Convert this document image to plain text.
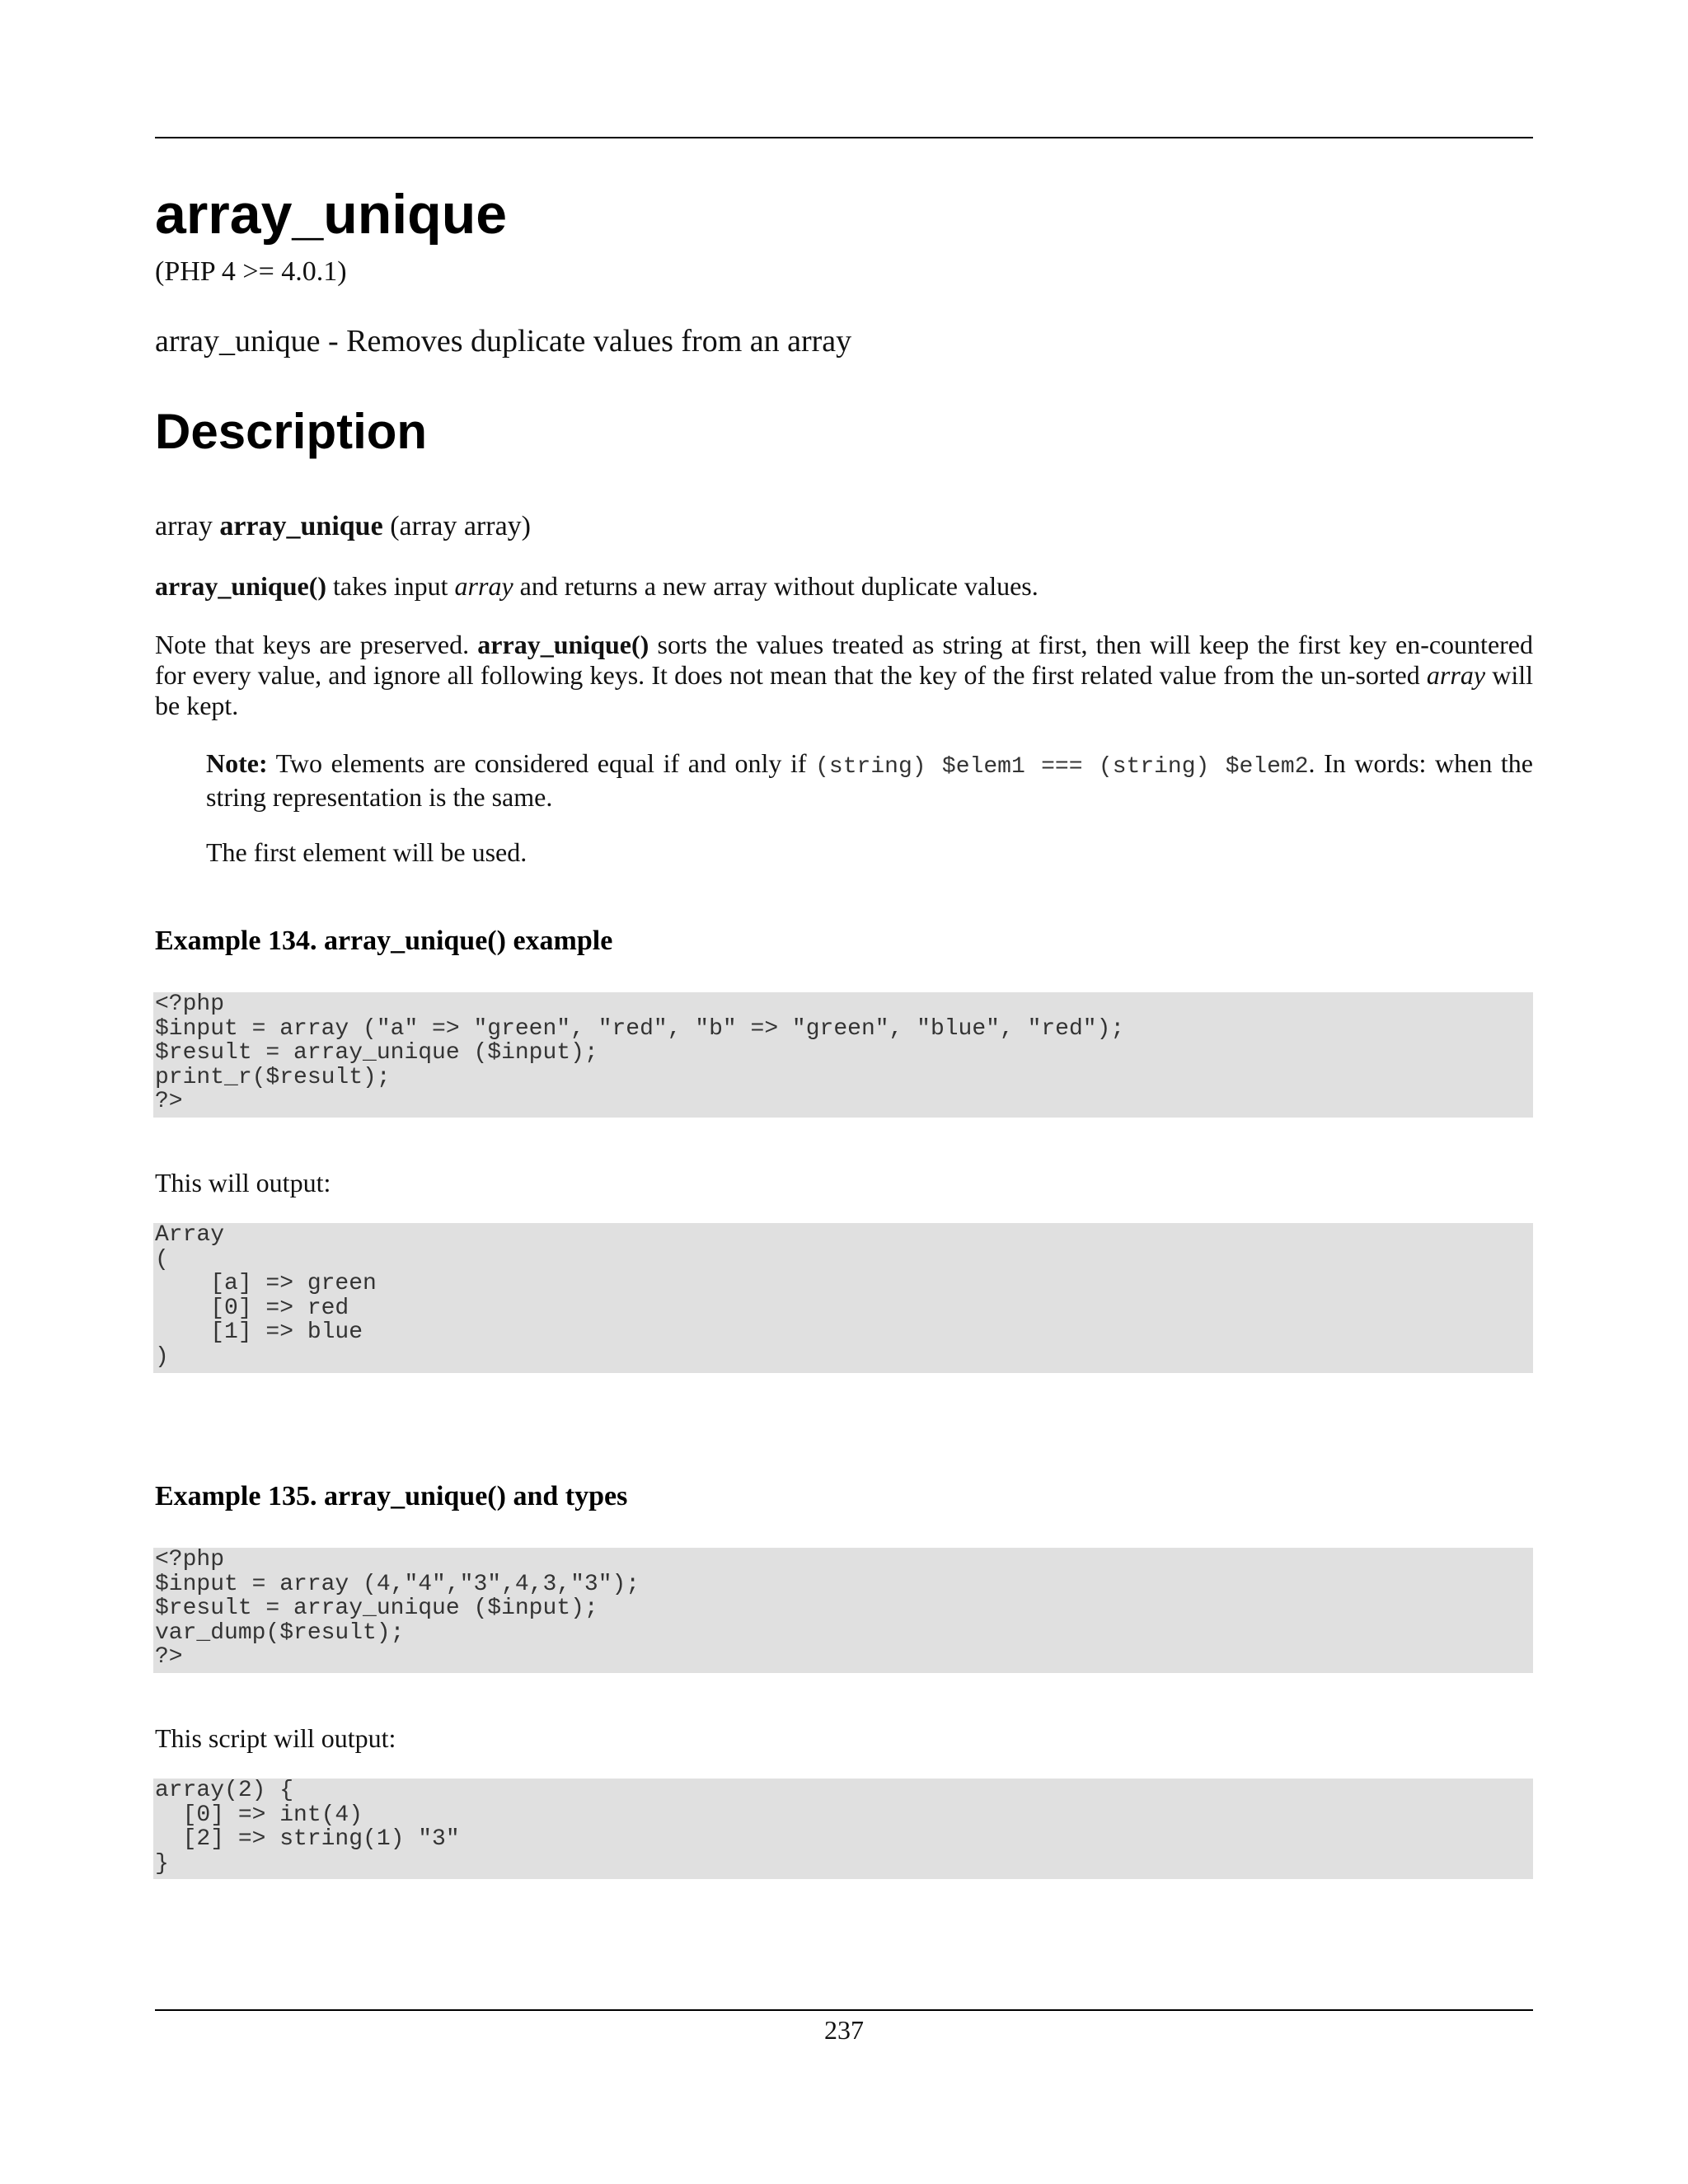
array_unique
(PHP 4 >= 4.0.1)
array_unique - Removes duplicate values from an array
Description
array array_unique (array array)
array_unique() takes input array and returns a new array without duplicate values.
Note that keys are preserved. array_unique() sorts the values treated as string at first, then will keep the first key en-countered for every value, and ignore all following keys. It does not mean that the key of the first related value from the un-sorted array will be kept.
Note: Two elements are considered equal if and only if (string) $elem1 === (string) $elem2. In words: when the string representation is the same.
The first element will be used.
Example 134. array_unique() example
<?php
$input = array ("a" => "green", "red", "b" => "green", "blue", "red");
$result = array_unique ($input);
print_r($result);
?>
This will output:
Array
(
[a] => green
[0] => red
[1] => blue
)
Example 135. array_unique() and types
<?php
$input = array (4,"4","3",4,3,"3");
$result = array_unique ($input);
var_dump($result);
?>
This script will output:
array(2) {
[0] => int(4)
[2] => string(1) "3"
}
237
